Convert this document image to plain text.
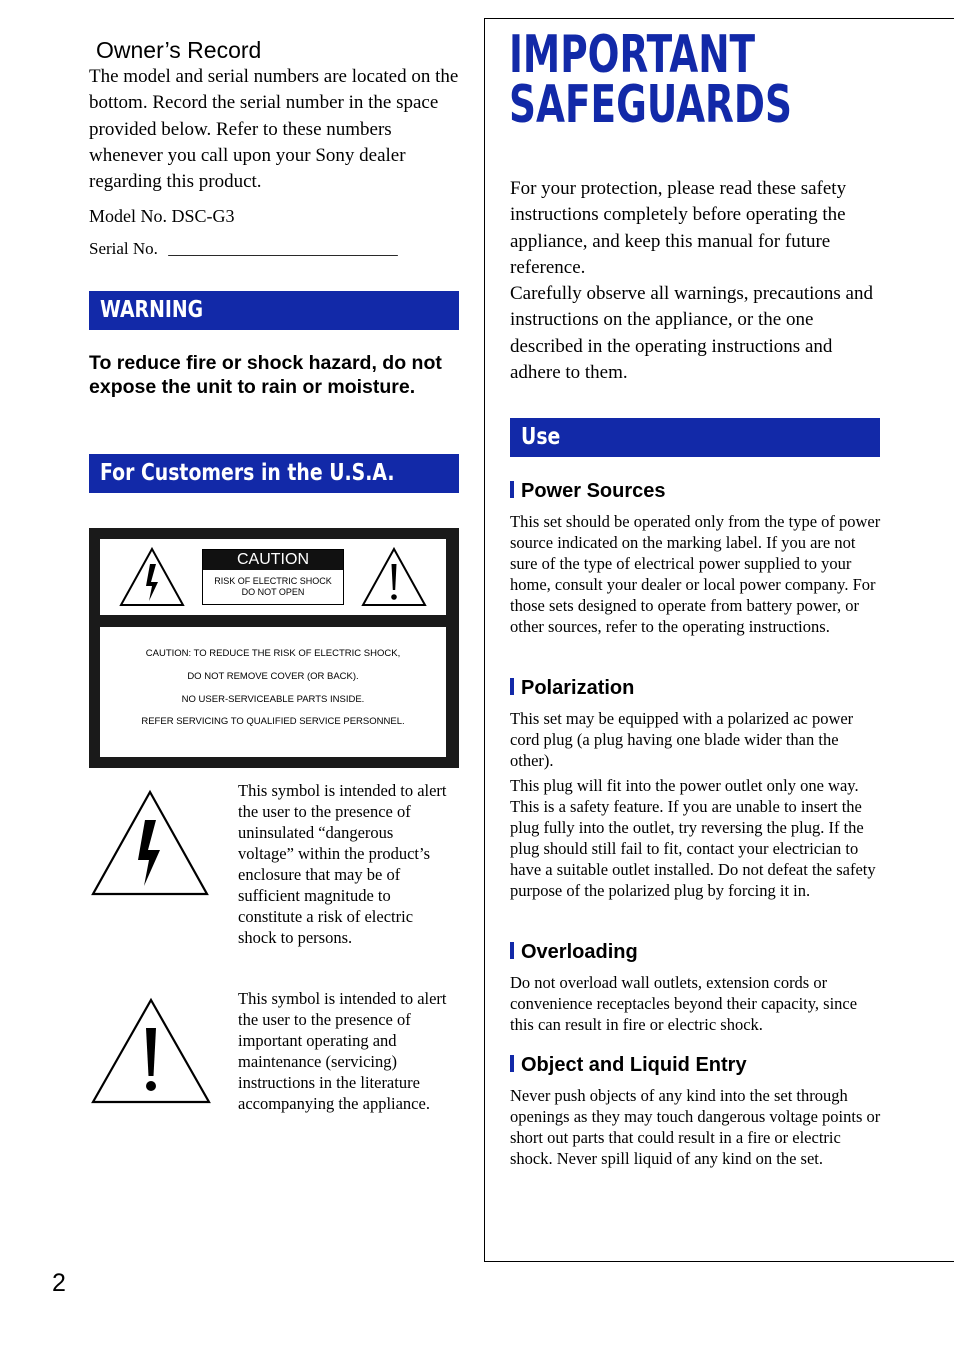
Owner’s Record
The model and serial numbers are located on the bottom. Record the serial number in the space provided below. Refer to these numbers whenever you call upon your Sony dealer regarding this product.
Model No. DSC-G3
Serial No. ___________________________
WARNING
To reduce fire or shock hazard, do not expose the unit to rain or moisture.
For Customers in the U.S.A.
CAUTION
RISK OF ELECTRIC SHOCK
DO NOT OPEN
CAUTION: TO REDUCE THE RISK OF ELECTRIC SHOCK,
DO NOT REMOVE COVER (OR BACK).
NO USER-SERVICEABLE PARTS INSIDE.
REFER SERVICING TO QUALIFIED SERVICE PERSONNEL.
This symbol is intended to alert the user to the presence of uninsulated “dangerous voltage” within the product’s enclosure that may be of sufficient magnitude to constitute a risk of electric shock to persons.
This symbol is intended to alert the user to the presence of important operating and maintenance (servicing) instructions in the literature accompanying the appliance.
2
IMPORTANT
SAFEGUARDS
For your protection, please read these safety instructions completely before operating the appliance, and keep this manual for future reference.
Carefully observe all warnings, precautions and instructions on the appliance, or the one described in the operating instructions and adhere to them.
Use
Power Sources
This set should be operated only from the type of power source indicated on the marking label. If you are not sure of the type of electrical power supplied to your home, consult your dealer or local power company. For those sets designed to operate from battery power, or other sources, refer to the operating instructions.
Polarization
This set may be equipped with a polarized ac power cord plug (a plug having one blade wider than the other).
This plug will fit into the power outlet only one way. This is a safety feature. If you are unable to insert the plug fully into the outlet, try reversing the plug. If the plug should still fail to fit, contact your electrician to have a suitable outlet installed. Do not defeat the safety purpose of the polarized plug by forcing it in.
Overloading
Do not overload wall outlets, extension cords or convenience receptacles beyond their capacity, since this can result in fire or electric shock.
Object and Liquid Entry
Never push objects of any kind into the set through openings as they may touch dangerous voltage points or short out parts that could result in a fire or electric shock. Never spill liquid of any kind on the set.
